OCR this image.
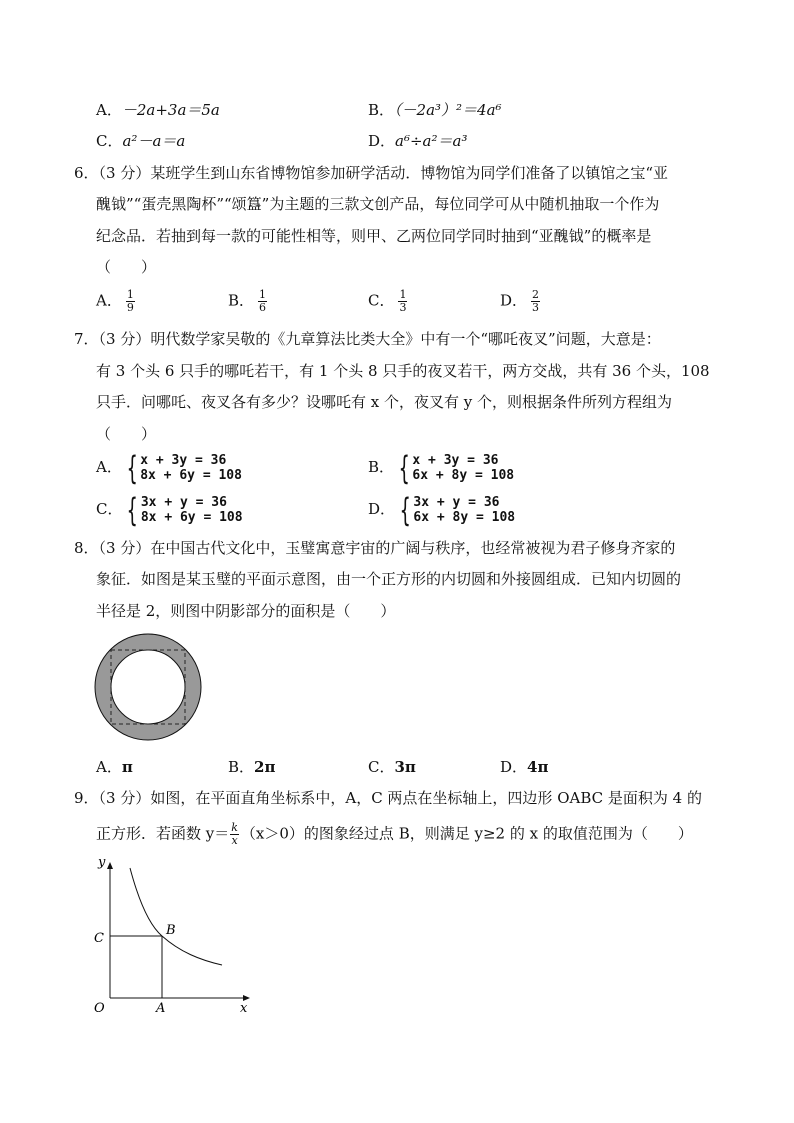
A．－2a+3a＝5a	B．（－2a³）²＝4a⁶
C．a²－a＝a	D．a⁶÷a²＝a³
6．（3 分）某班学生到山东省博物馆参加研学活动．博物馆为同学们准备了以镇馆之宝“亚
醜钺”“蛋壳黑陶杯”“颂簋”为主题的三款文创产品，每位同学可从中随机抽取一个作为
纪念品．若抽到每一款的可能性相等，则甲、乙两位同学同时抽到“亚醜钺”的概率是
（　　）
A． $\frac{1}{9}$	B． $\frac{1}{6}$	C． $\frac{1}{3}$	D． $\frac{2}{3}$
7．（3 分）明代数学家吴敬的《九章算法比类大全》中有一个“哪吒夜叉”问题，大意是：
有 3 个头 6 只手的哪吒若干，有 1 个头 8 只手的夜叉若干，两方交战，共有 36 个头，108
只手．问哪吒、夜叉各有多少？设哪吒有 x 个，夜叉有 y 个，则根据条件所列方程组为
（　　）
A． { x + 3y = 36
8x + 6y = 108	B． { x + 3y = 36
6x + 8y = 108
C． { 3x + y = 36
8x + 6y = 108	D． { 3x + y = 36
6x + 8y = 108
8．（3 分）在中国古代文化中，玉璧寓意宇宙的广阔与秩序，也经常被视为君子修身齐家的
象征．如图是某玉璧的平面示意图，由一个正方形的内切圆和外接圆组成．已知内切圆的
半径是 2，则图中阴影部分的面积是（　　）
A．π	B．2π	C．3π	D．4π
9．（3 分）如图，在平面直角坐标系中，A，C 两点在坐标轴上，四边形 OABC 是面积为 4 的
正方形．若函数 $y= \frac{k}{x} (x>0)$的图象经过点 B，则满足 y≥2 的 x 的取值范围为（　　）
y
x
O	A
B
C
